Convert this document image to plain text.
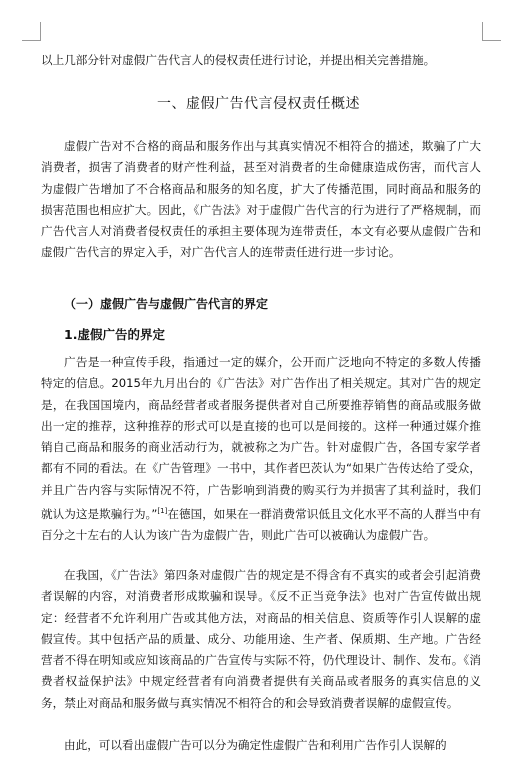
以上几部分针对虚假广告代言人的侵权责任进行讨论，并提出相关完善措施。

一、虚假广告代言侵权责任概述

虚假广告对不合格的商品和服务作出与其真实情况不相符合的描述，欺骗了广大消费者，损害了消费者的财产性利益，甚至对消费者的生命健康造成伤害，而代言人为虚假广告增加了不合格商品和服务的知名度，扩大了传播范围，同时商品和服务的损害范围也相应扩大。因此，《广告法》对于虚假广告代言的行为进行了严格规制，而广告代言人对消费者侵权责任的承担主要体现为连带责任，本文有必要从虚假广告和虚假广告代言的界定入手，对广告代言人的连带责任进行进一步讨论。

（一）虚假广告与虚假广告代言的界定
1.虚假广告的界定

广告是一种宣传手段，指通过一定的媒介，公开而广泛地向不特定的多数人传播特定的信息。2015年九月出台的《广告法》对广告作出了相关规定。其对广告的规定是，在我国国境内，商品经营者或者服务提供者对自己所要推荐销售的商品或服务做出一定的推荐，这种推荐的形式可以是直接的也可以是间接的。这样一种通过媒介推销自己商品和服务的商业活动行为，就被称之为广告。针对虚假广告，各国专家学者都有不同的看法。在《广告管理》一书中，其作者巴茨认为“如果广告传达给了受众，并且广告内容与实际情况不符，广告影响到消费的购买行为并损害了其利益时，我们就认为这是欺骗行为。”[1]在德国，如果在一群消费常识低且文化水平不高的人群当中有百分之十左右的人认为该广告为虚假广告，则此广告可以被确认为虚假广告。

在我国，《广告法》第四条对虚假广告的规定是不得含有不真实的或者会引起消费者误解的内容，对消费者形成欺骗和误导。《反不正当竞争法》也对广告宣传做出规定：经营者不允许利用广告或其他方法，对商品的相关信息、资质等作引人误解的虚假宣传。其中包括产品的质量、成分、功能用途、生产者、保质期、生产地。广告经营者不得在明知或应知该商品的广告宣传与实际不符，仍代理设计、制作、发布。《消费者权益保护法》中规定经营者有向消费者提供有关商品或者服务的真实信息的义务，禁止对商品和服务做与真实情况不相符合的和会导致消费者误解的虚假宣传。

由此，可以看出虚假广告可以分为确定性虚假广告和利用广告作引人误解的
